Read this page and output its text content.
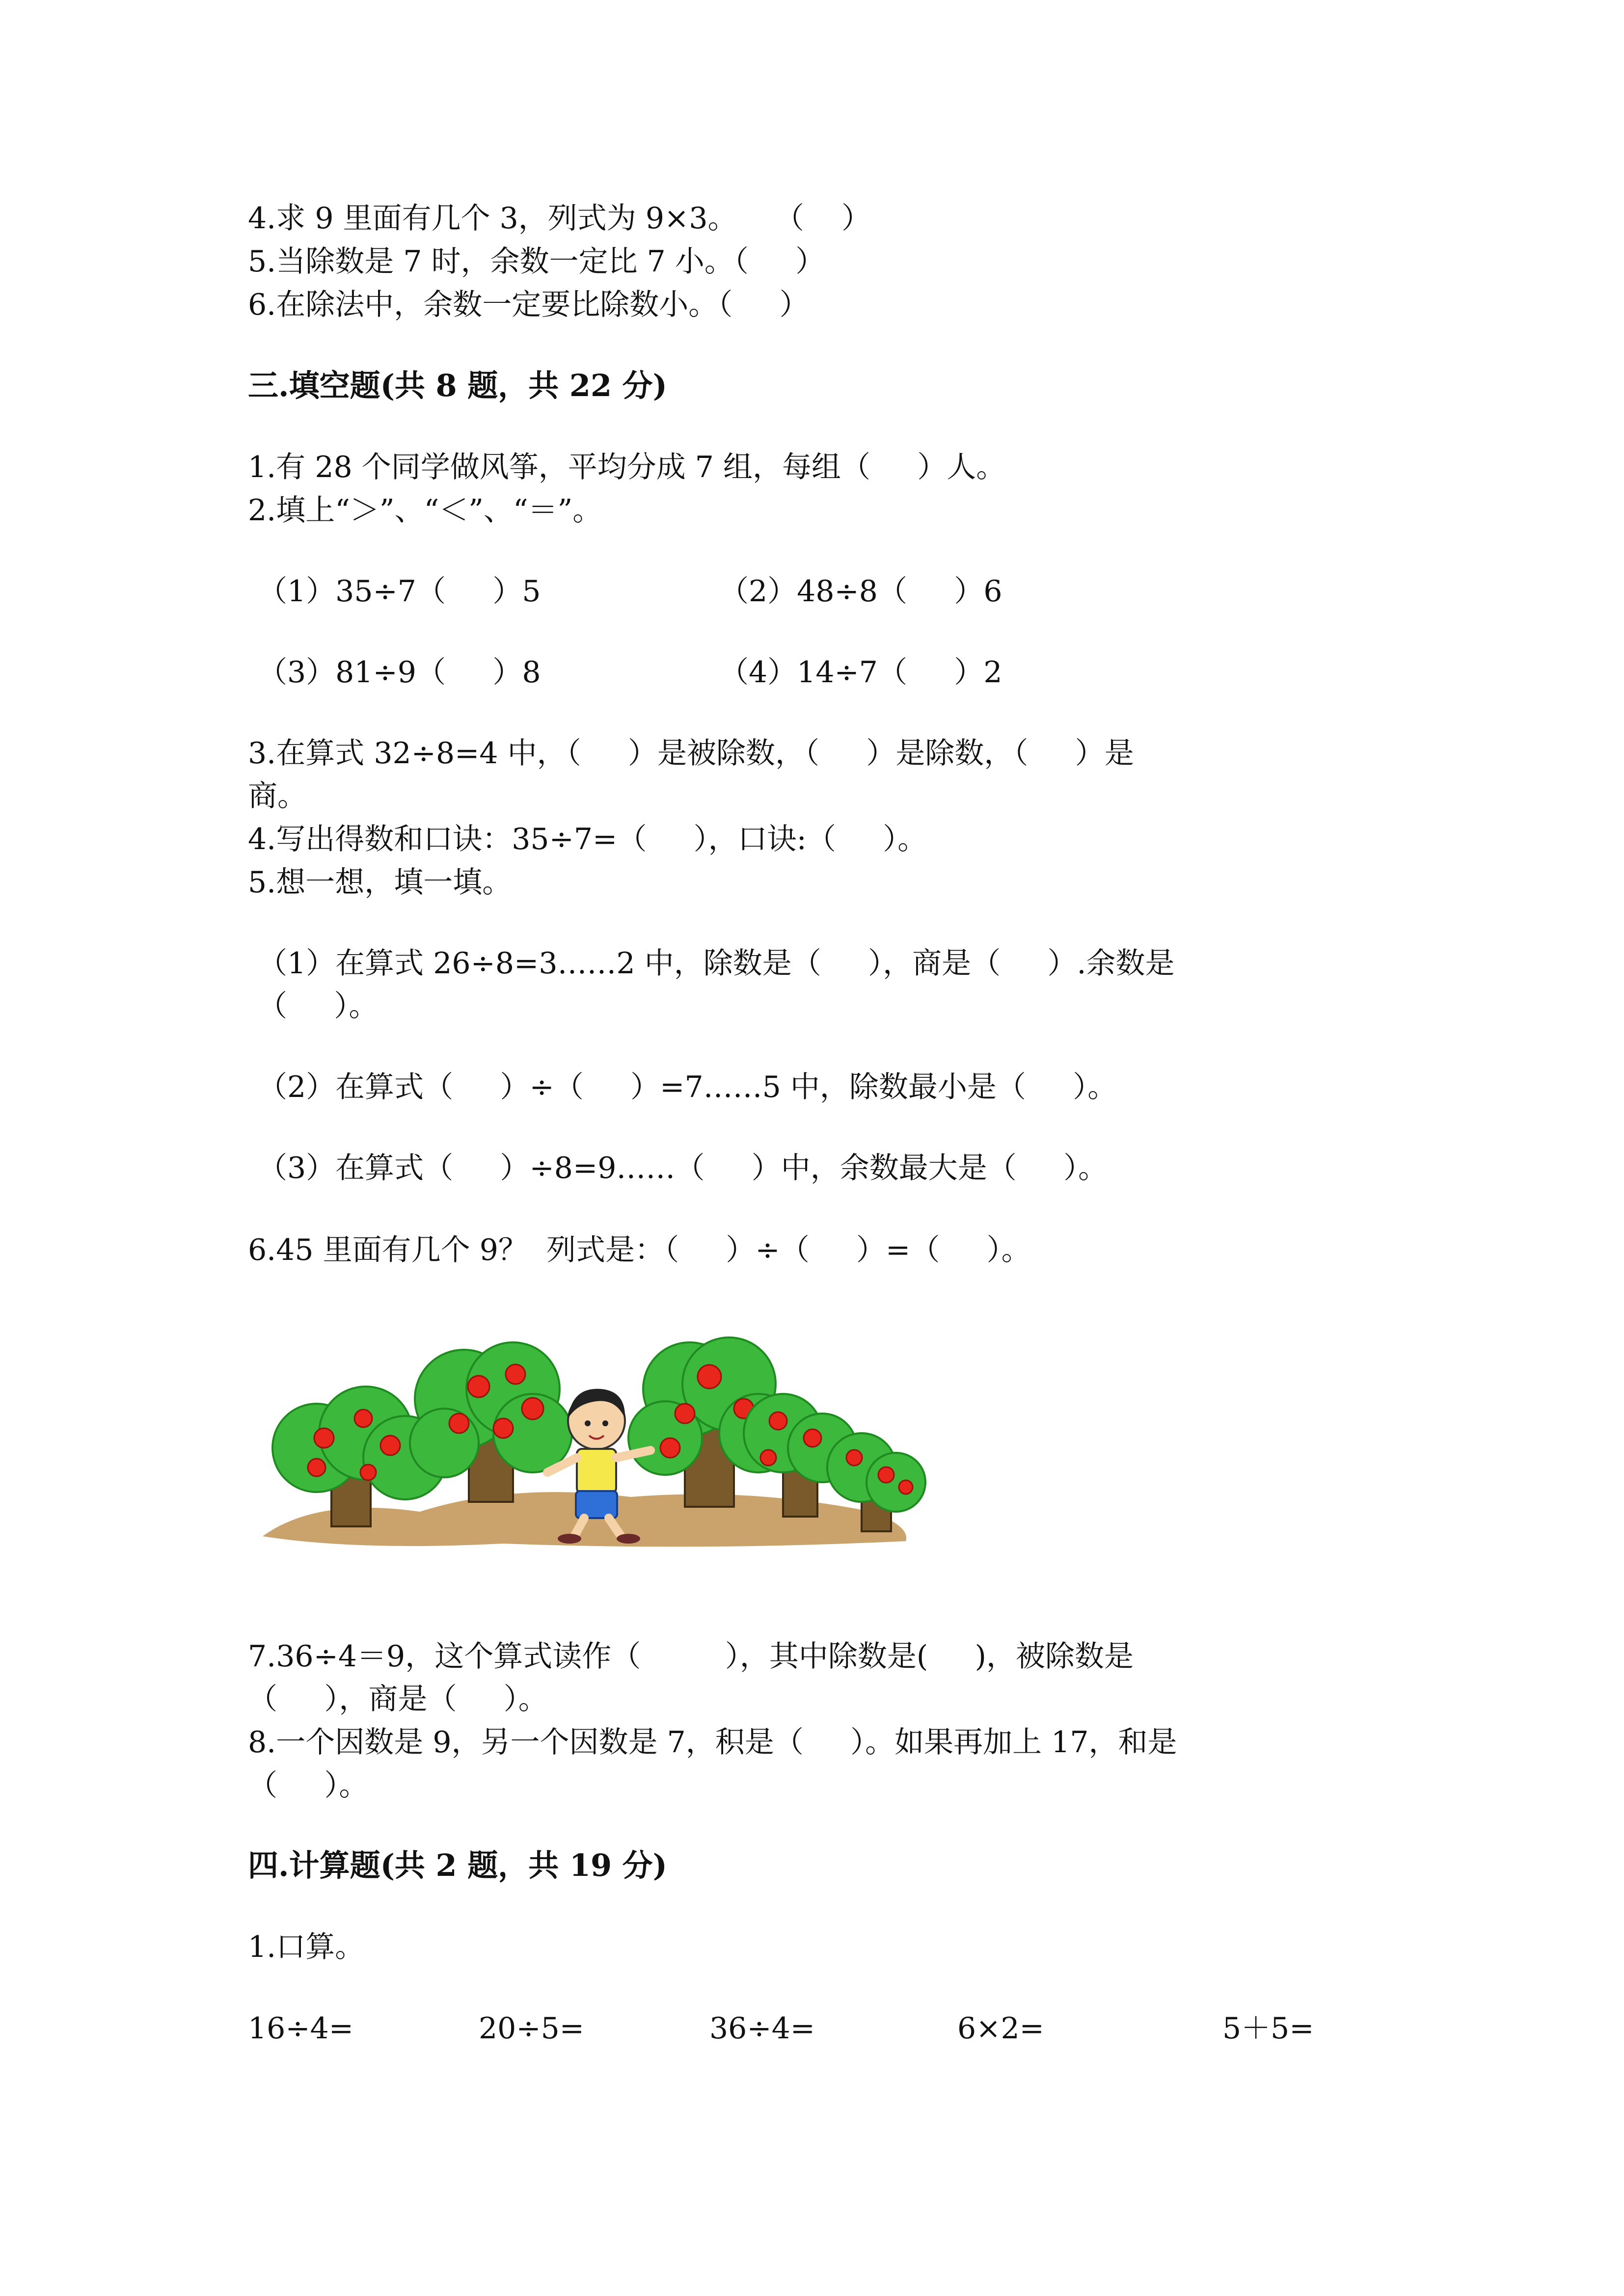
4.求 9 里面有几个 3，列式为 9×3。    （    ）

5.当除数是 7 时，余数一定比 7 小。（     ）

6.在除法中，余数一定要比除数小。（     ）

三.填空题(共 8 题，共 22 分)

1.有 28 个同学做风筝，平均分成 7 组，每组（     ）人。

2.填上“＞”、“＜”、“＝”。

（1）35÷7（     ）5	（2）48÷8（     ）6
（3）81÷9（     ）8	（4）14÷7（     ）2

3.在算式 32÷8=4 中，（     ）是被除数，（     ）是除数，（     ）是

商。

4.写出得数和口诀：35÷7=（     ），口诀:（     ）。

5.想一想，填一填。

（1）在算式 26÷8=3……2 中，除数是（     ），商是（     ）.余数是
（     ）。
（2）在算式（     ）÷（     ）=7……5 中，除数最小是（     ）。
（3）在算式（     ）÷8=9……（     ）中，余数最大是（     ）。

6.45 里面有几个 9？  列式是：（     ）÷（     ）=（     ）。

7.36÷4＝9，这个算式读作（         ），其中除数是(     )，被除数是

（     ），商是（     ）。

8.一个因数是 9，另一个因数是 7，积是（     ）。如果再加上 17，和是

（     ）。

四.计算题(共 2 题，共 19 分)

1.口算。

16÷4=	20÷5=	36÷4=	6×2=	5＋5=
